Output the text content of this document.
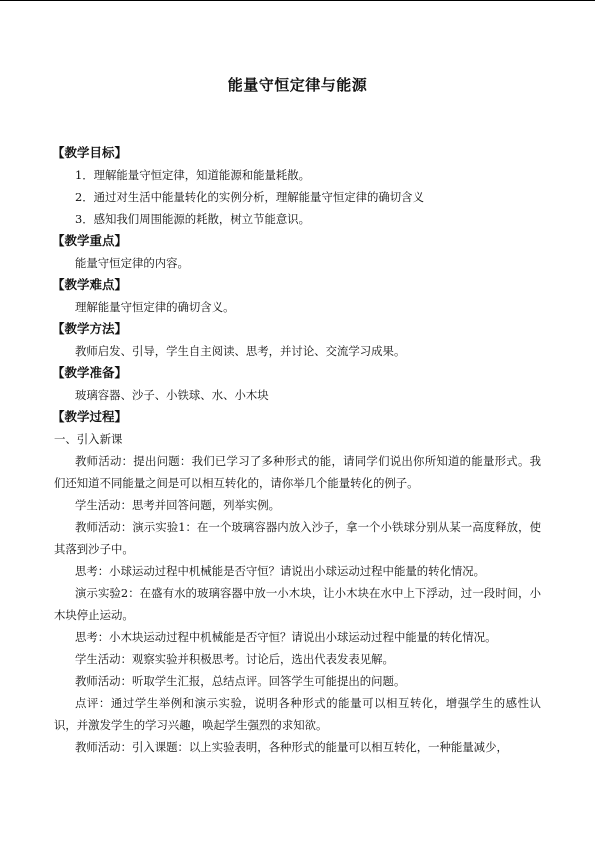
能量守恒定律与能源
【教学目标】
1．理解能量守恒定律，知道能源和能量耗散。
2．通过对生活中能量转化的实例分析，理解能量守恒定律的确切含义
3．感知我们周围能源的耗散，树立节能意识。
【教学重点】
能量守恒定律的内容。
【教学难点】
理解能量守恒定律的确切含义。
【教学方法】
教师启发、引导，学生自主阅读、思考，并讨论、交流学习成果。
【教学准备】
玻璃容器、沙子、小铁球、水、小木块
【教学过程】
一、引入新课
教师活动：提出问题：我们已学习了多种形式的能，请同学们说出你所知道的能量形式。我们还知道不同能量之间是可以相互转化的，请你举几个能量转化的例子。
学生活动：思考并回答问题，列举实例。
教师活动：演示实验1：在一个玻璃容器内放入沙子，拿一个小铁球分别从某一高度释放，使其落到沙子中。
思考：小球运动过程中机械能是否守恒？请说出小球运动过程中能量的转化情况。
演示实验2：在盛有水的玻璃容器中放一小木块，让小木块在水中上下浮动，过一段时间，小木块停止运动。
思考：小木块运动过程中机械能是否守恒？请说出小球运动过程中能量的转化情况。
学生活动：观察实验并积极思考。讨论后，选出代表发表见解。
教师活动：听取学生汇报，总结点评。回答学生可能提出的问题。
点评：通过学生举例和演示实验，说明各种形式的能量可以相互转化，增强学生的感性认识，并激发学生的学习兴趣，唤起学生强烈的求知欲。
教师活动：引入课题：以上实验表明，各种形式的能量可以相互转化，一种能量减少，
